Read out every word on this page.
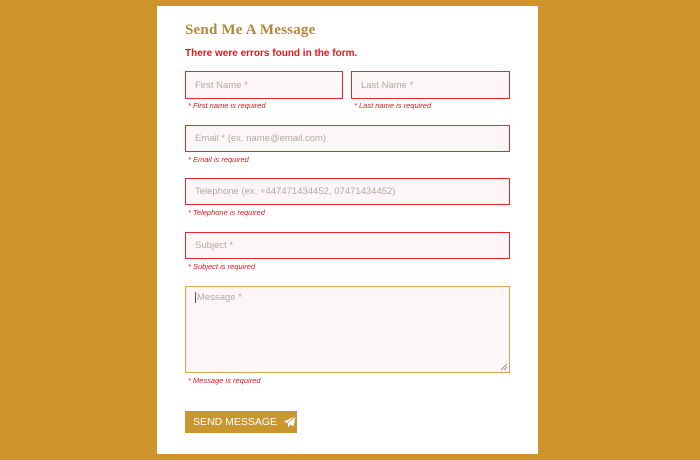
Send Me A Message
There were errors found in the form.
First Name *
* First name is required
Last Name *
* Last name is required
Email * (ex. name@email.com)
* Email is required
Telephone (ex. +447471434452, 07471434452)
* Telephone is required
Subject *
* Subject is required
Message *
* Message is required
SEND MESSAGE
